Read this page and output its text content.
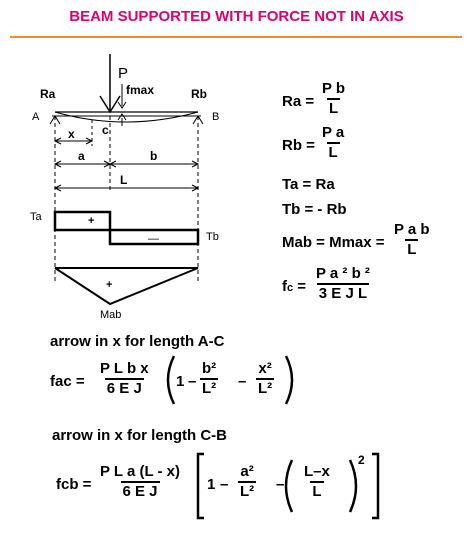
BEAM SUPPORTED WITH FORCE NOT IN AXIS
P
fmax
Ra	Rb
A	B
x c
a	b
L
Ta
Tb
+
—
+
Mab
$Ra = \frac{\text{P b}}{L}$
$Rb = \frac{\text{P a}}{L}$
Ta = Ra
Tb = - Rb
Mab = $Mmax = \frac{\text{P a b}}{L}$
fc = $\frac{\text{P a ² b ²}}{\text{3 E J L}}$
arrow in x for length A-C
fac = $\frac{\text{P L b x}}{\text{6 E J}} 1 - \frac{\text{b²}}{\text{L²}} - \frac{\text{x²}}{\text{L²}}$
arrow in x for length C-B
fcb = $\frac{\text{P L a (L - x)}}{\text{6 E J}} 1 - \frac{\text{a²}}{\text{L²}} - \frac{L-x}{L}$
2
